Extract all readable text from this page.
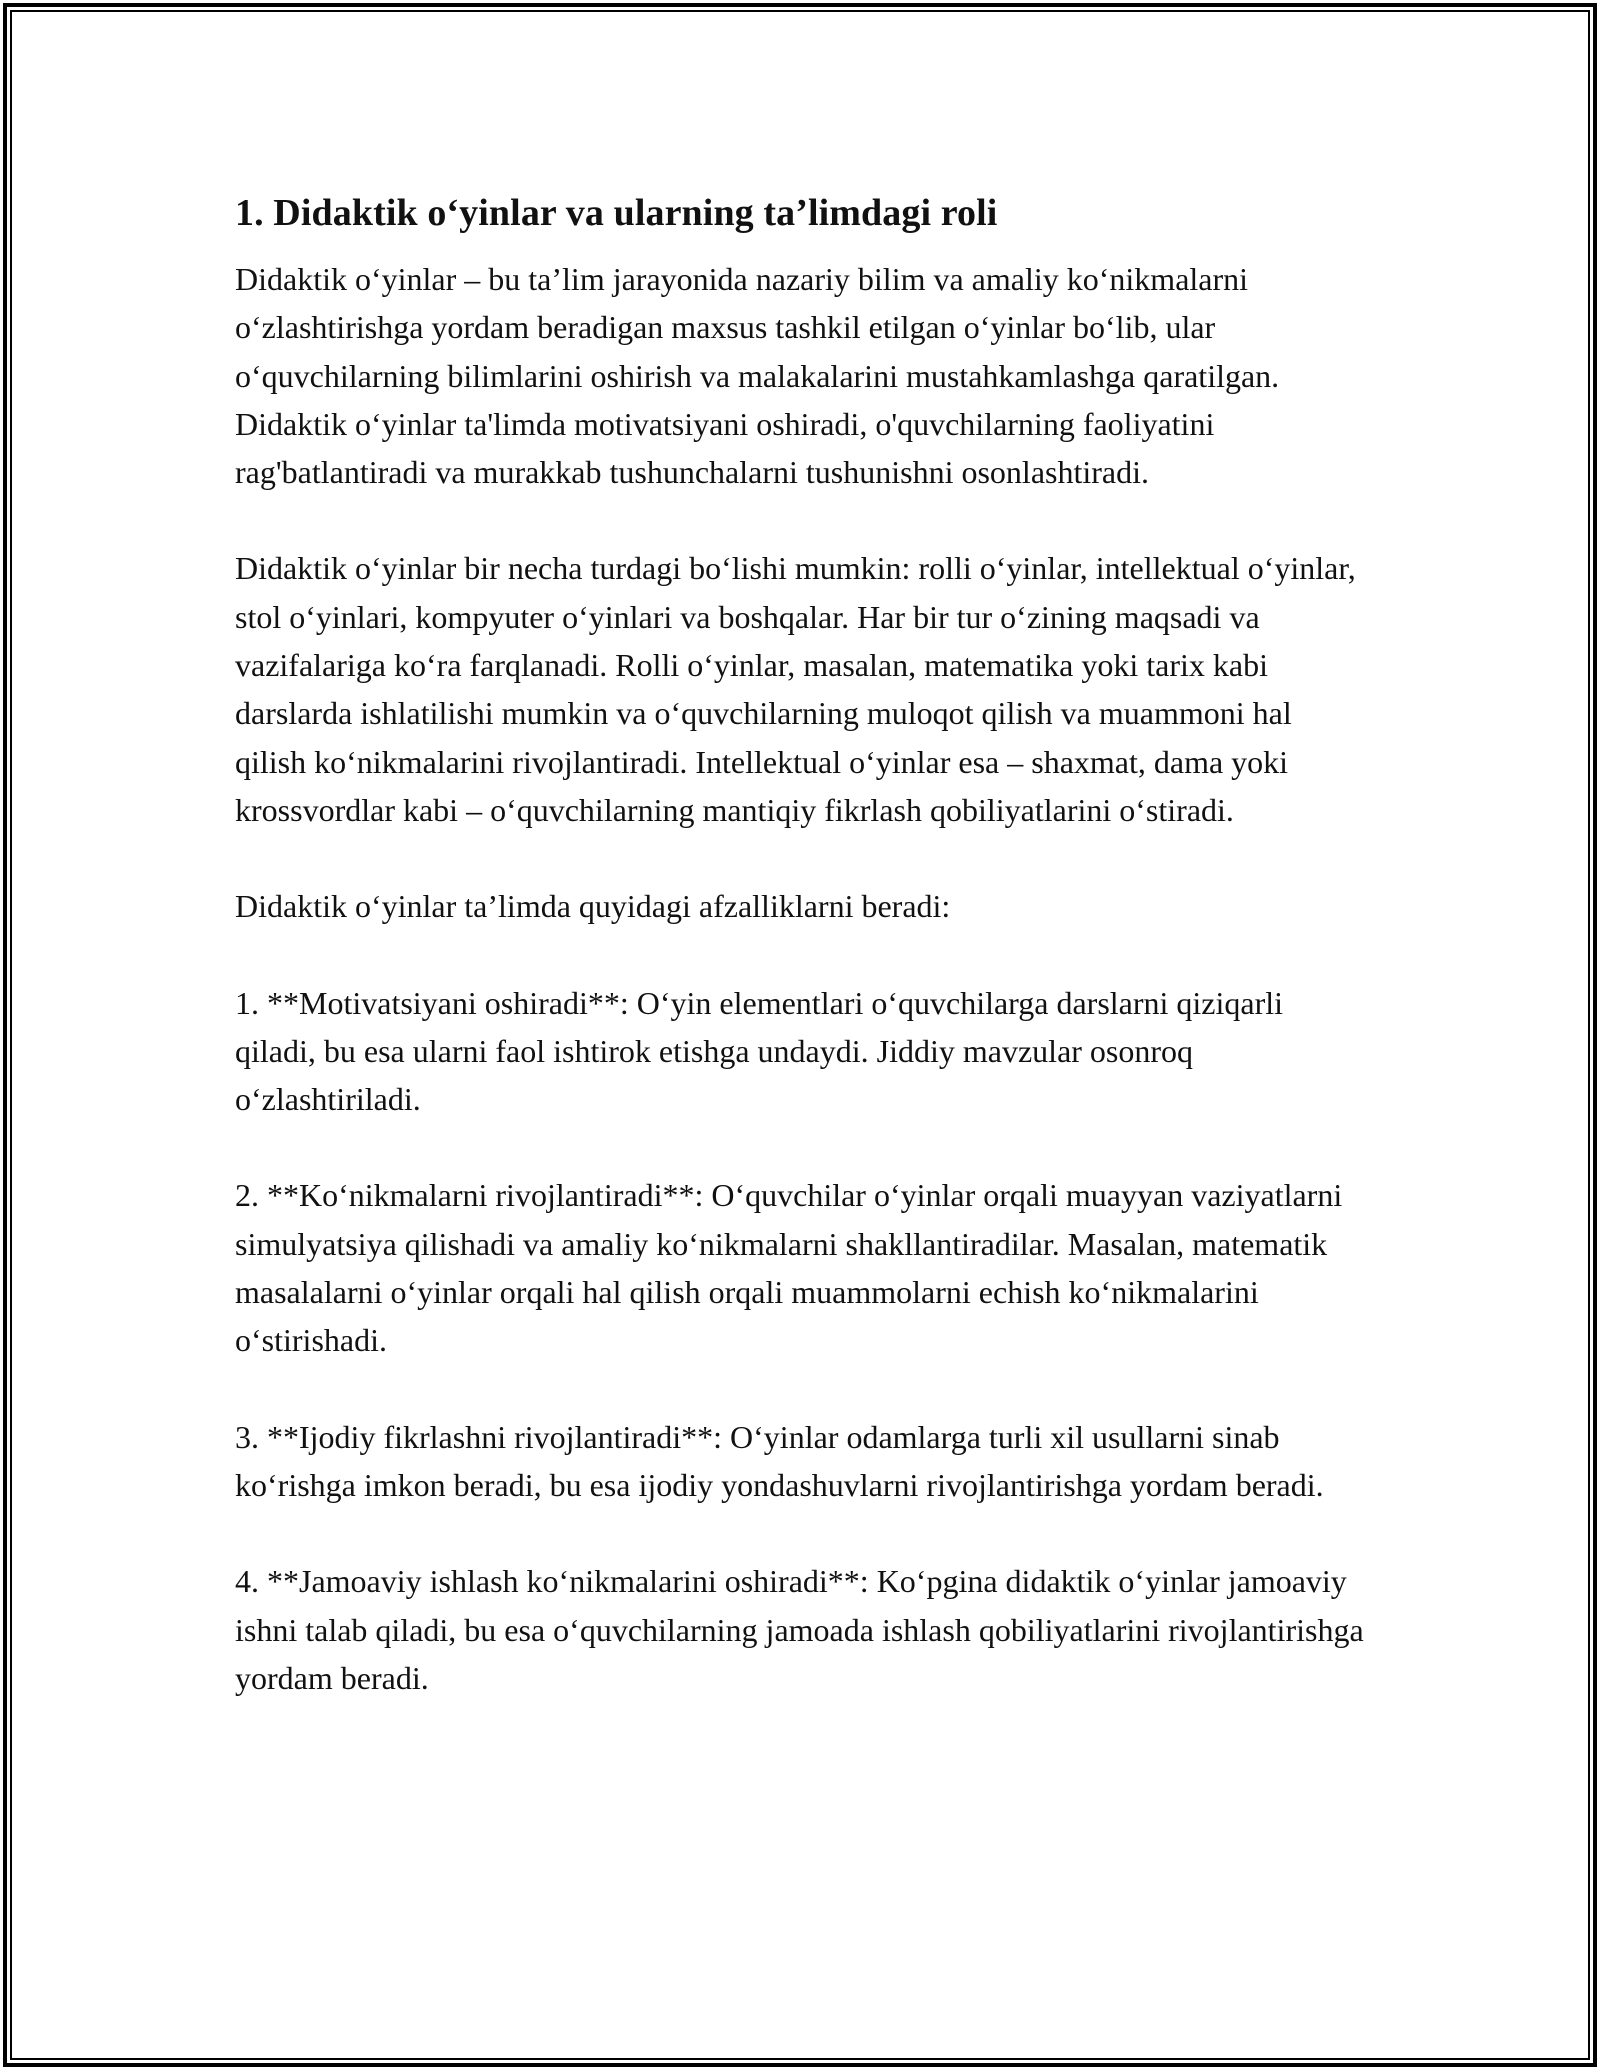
1. Didaktik o‘yinlar va ularning ta’limdagi roli

Didaktik o‘yinlar – bu ta’lim jarayonida nazariy bilim va amaliy ko‘nikmalarni o‘zlashtirishga yordam beradigan maxsus tashkil etilgan o‘yinlar bo‘lib, ular o‘quvchilarning bilimlarini oshirish va malakalarini mustahkamlashga qaratilgan. Didaktik o‘yinlar ta'limda motivatsiyani oshiradi, o'quvchilarning faoliyatini rag'batlantiradi va murakkab tushunchalarni tushunishni osonlashtiradi.

Didaktik o‘yinlar bir necha turdagi bo‘lishi mumkin: rolli o‘yinlar, intellektual o‘yinlar, stol o‘yinlari, kompyuter o‘yinlari va boshqalar. Har bir tur o‘zining maqsadi va vazifalariga ko‘ra farqlanadi. Rolli o‘yinlar, masalan, matematika yoki tarix kabi darslarda ishlatilishi mumkin va o‘quvchilarning muloqot qilish va muammoni hal qilish ko‘nikmalarini rivojlantiradi. Intellektual o‘yinlar esa – shaxmat, dama yoki krossvordlar kabi – o‘quvchilarning mantiqiy fikrlash qobiliyatlarini o‘stiradi.

Didaktik o‘yinlar ta’limda quyidagi afzalliklarni beradi:

1. **Motivatsiyani oshiradi**: O‘yin elementlari o‘quvchilarga darslarni qiziqarli qiladi, bu esa ularni faol ishtirok etishga undaydi. Jiddiy mavzular osonroq o‘zlashtiriladi.

2. **Ko‘nikmalarni rivojlantiradi**: O‘quvchilar o‘yinlar orqali muayyan vaziyatlarni simulyatsiya qilishadi va amaliy ko‘nikmalarni shakllantiradilar. Masalan, matematik masalalarni o‘yinlar orqali hal qilish orqali muammolarni echish ko‘nikmalarini o‘stirishadi.

3. **Ijodiy fikrlashni rivojlantiradi**: O‘yinlar odamlarga turli xil usullarni sinab ko‘rishga imkon beradi, bu esa ijodiy yondashuvlarni rivojlantirishga yordam beradi.

4. **Jamoaviy ishlash ko‘nikmalarini oshiradi**: Ko‘pgina didaktik o‘yinlar jamoaviy ishni talab qiladi, bu esa o‘quvchilarning jamoada ishlash qobiliyatlarini rivojlantirishga yordam beradi.
